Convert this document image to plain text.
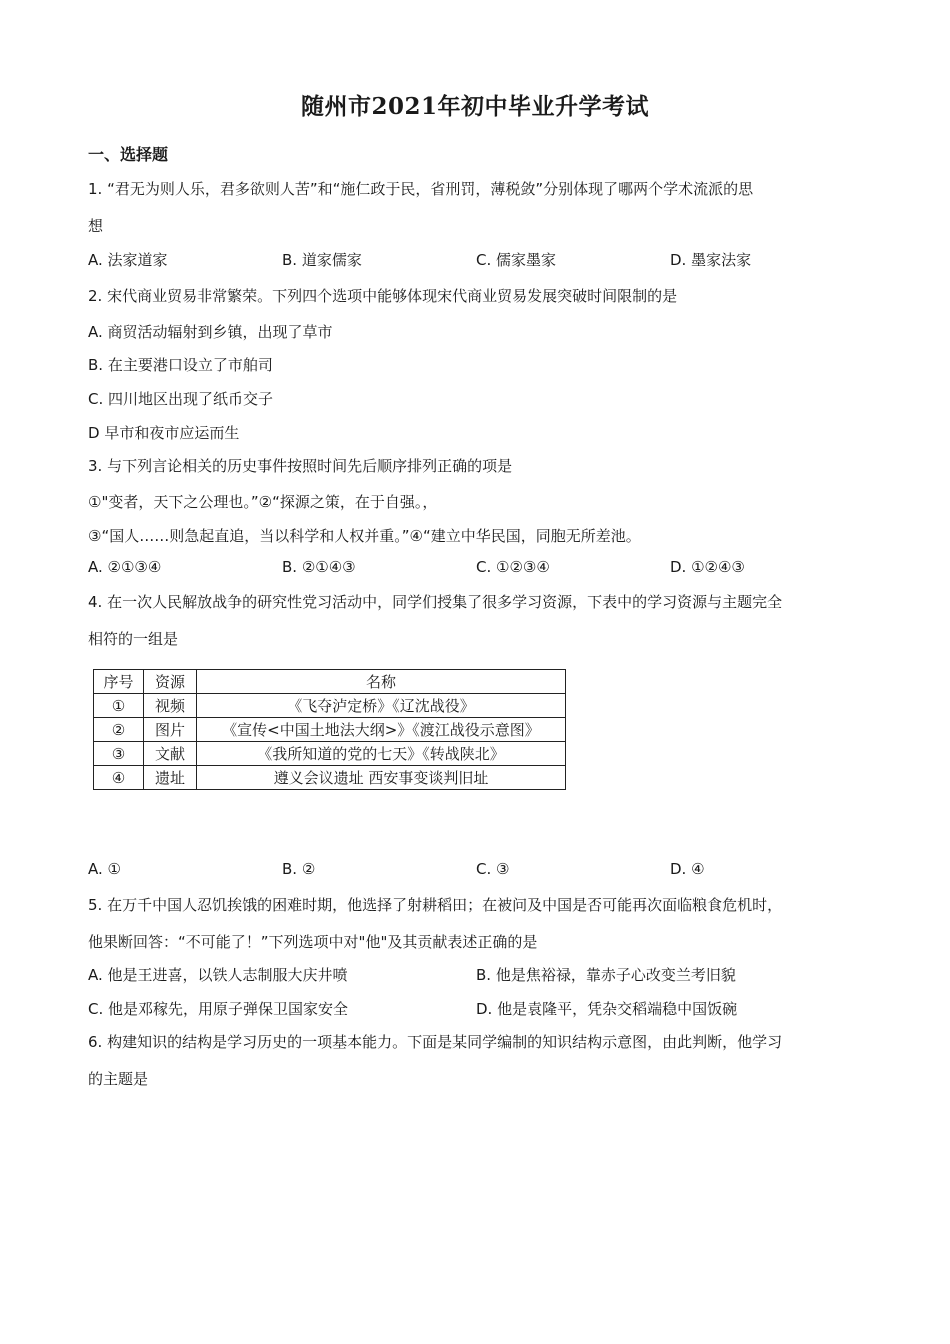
随州市2021年初中毕业升学考试
一、选择题
1. “君无为则人乐，君多欲则人苦”和“施仁政于民，省刑罚，薄税敛”分别体现了哪两个学术流派的思
想
A. 法家道家	B. 道家儒家	C. 儒家墨家	D. 墨家法家
2. 宋代商业贸易非常繁荣。下列四个选项中能够体现宋代商业贸易发展突破时间限制的是
A. 商贸活动辐射到乡镇，出现了草市
B. 在主要港口设立了市舶司
C. 四川地区出现了纸币交子
D 早市和夜市应运而生
3. 与下列言论相关的历史事件按照时间先后顺序排列正确的项是
①"变者，天下之公理也。”②“探源之策，在于自强。，
③“国人……则急起直追，当以科学和人权并重。”④“建立中华民国，同胞无所差池。
A. ②①③④	B. ②①④③	C. ①②③④	D. ①②④③
4. 在一次人民解放战争的研究性党习活动中，同学们授集了很多学习资源，下表中的学习资源与主题完全
相符的一组是
序号	资源	名称
①	视频	《飞夺泸定桥》《辽沈战役》
②	图片	《宣传<中国土地法大纲>》《渡江战役示意图》
③	文献	《我所知道的党的七天》《转战陕北》
④	遗址	遵义会议遗址 西安事变谈判旧址
A. ①	B. ②	C. ③	D. ④
5. 在万千中国人忍饥挨饿的困难时期，他选择了射耕稻田；在被问及中国是否可能再次面临粮食危机时，
他果断回答：“不可能了！”下列选项中对"他"及其贡献表述正确的是
A. 他是王进喜，以铁人志制服大庆井喷	B. 他是焦裕禄，靠赤子心改变兰考旧貌
C. 他是邓稼先，用原子弹保卫国家安全	D. 他是袁隆平，凭杂交稻端稳中国饭碗
6. 构建知识的结构是学习历史的一项基本能力。下面是某同学编制的知识结构示意图，由此判断，他学习
的主题是
